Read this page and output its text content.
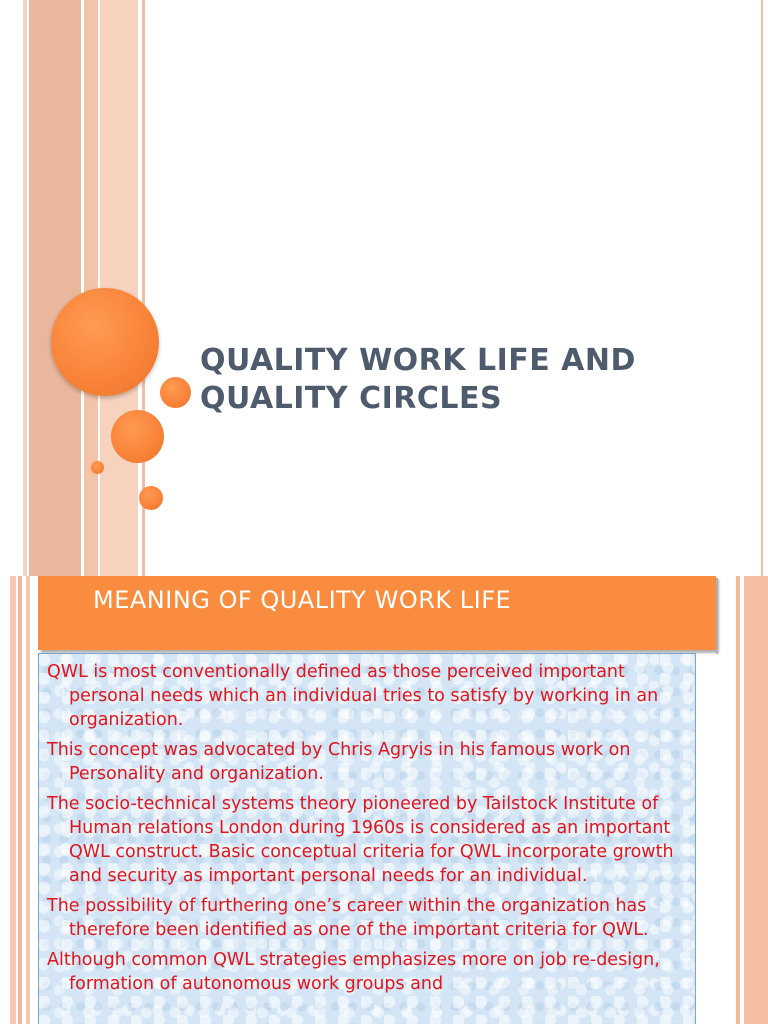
QUALITY WORK LIFE AND
QUALITY CIRCLES
MEANING OF QUALITY WORK LIFE
QWL is most conventionally defined as those perceived important personal needs which an individual tries to satisfy by working in an organization.
This concept was advocated by Chris Agryis in his famous work on Personality and organization.
The socio-technical systems theory pioneered by Tailstock Institute of Human relations London during 1960s is considered as an important QWL construct. Basic conceptual criteria for QWL incorporate growth and security as important personal needs for an individual.
The possibility of furthering one’s career within the organization has therefore been identified as one of the important criteria for QWL.
Although common QWL strategies emphasizes more on job re-design, formation of autonomous work groups and
